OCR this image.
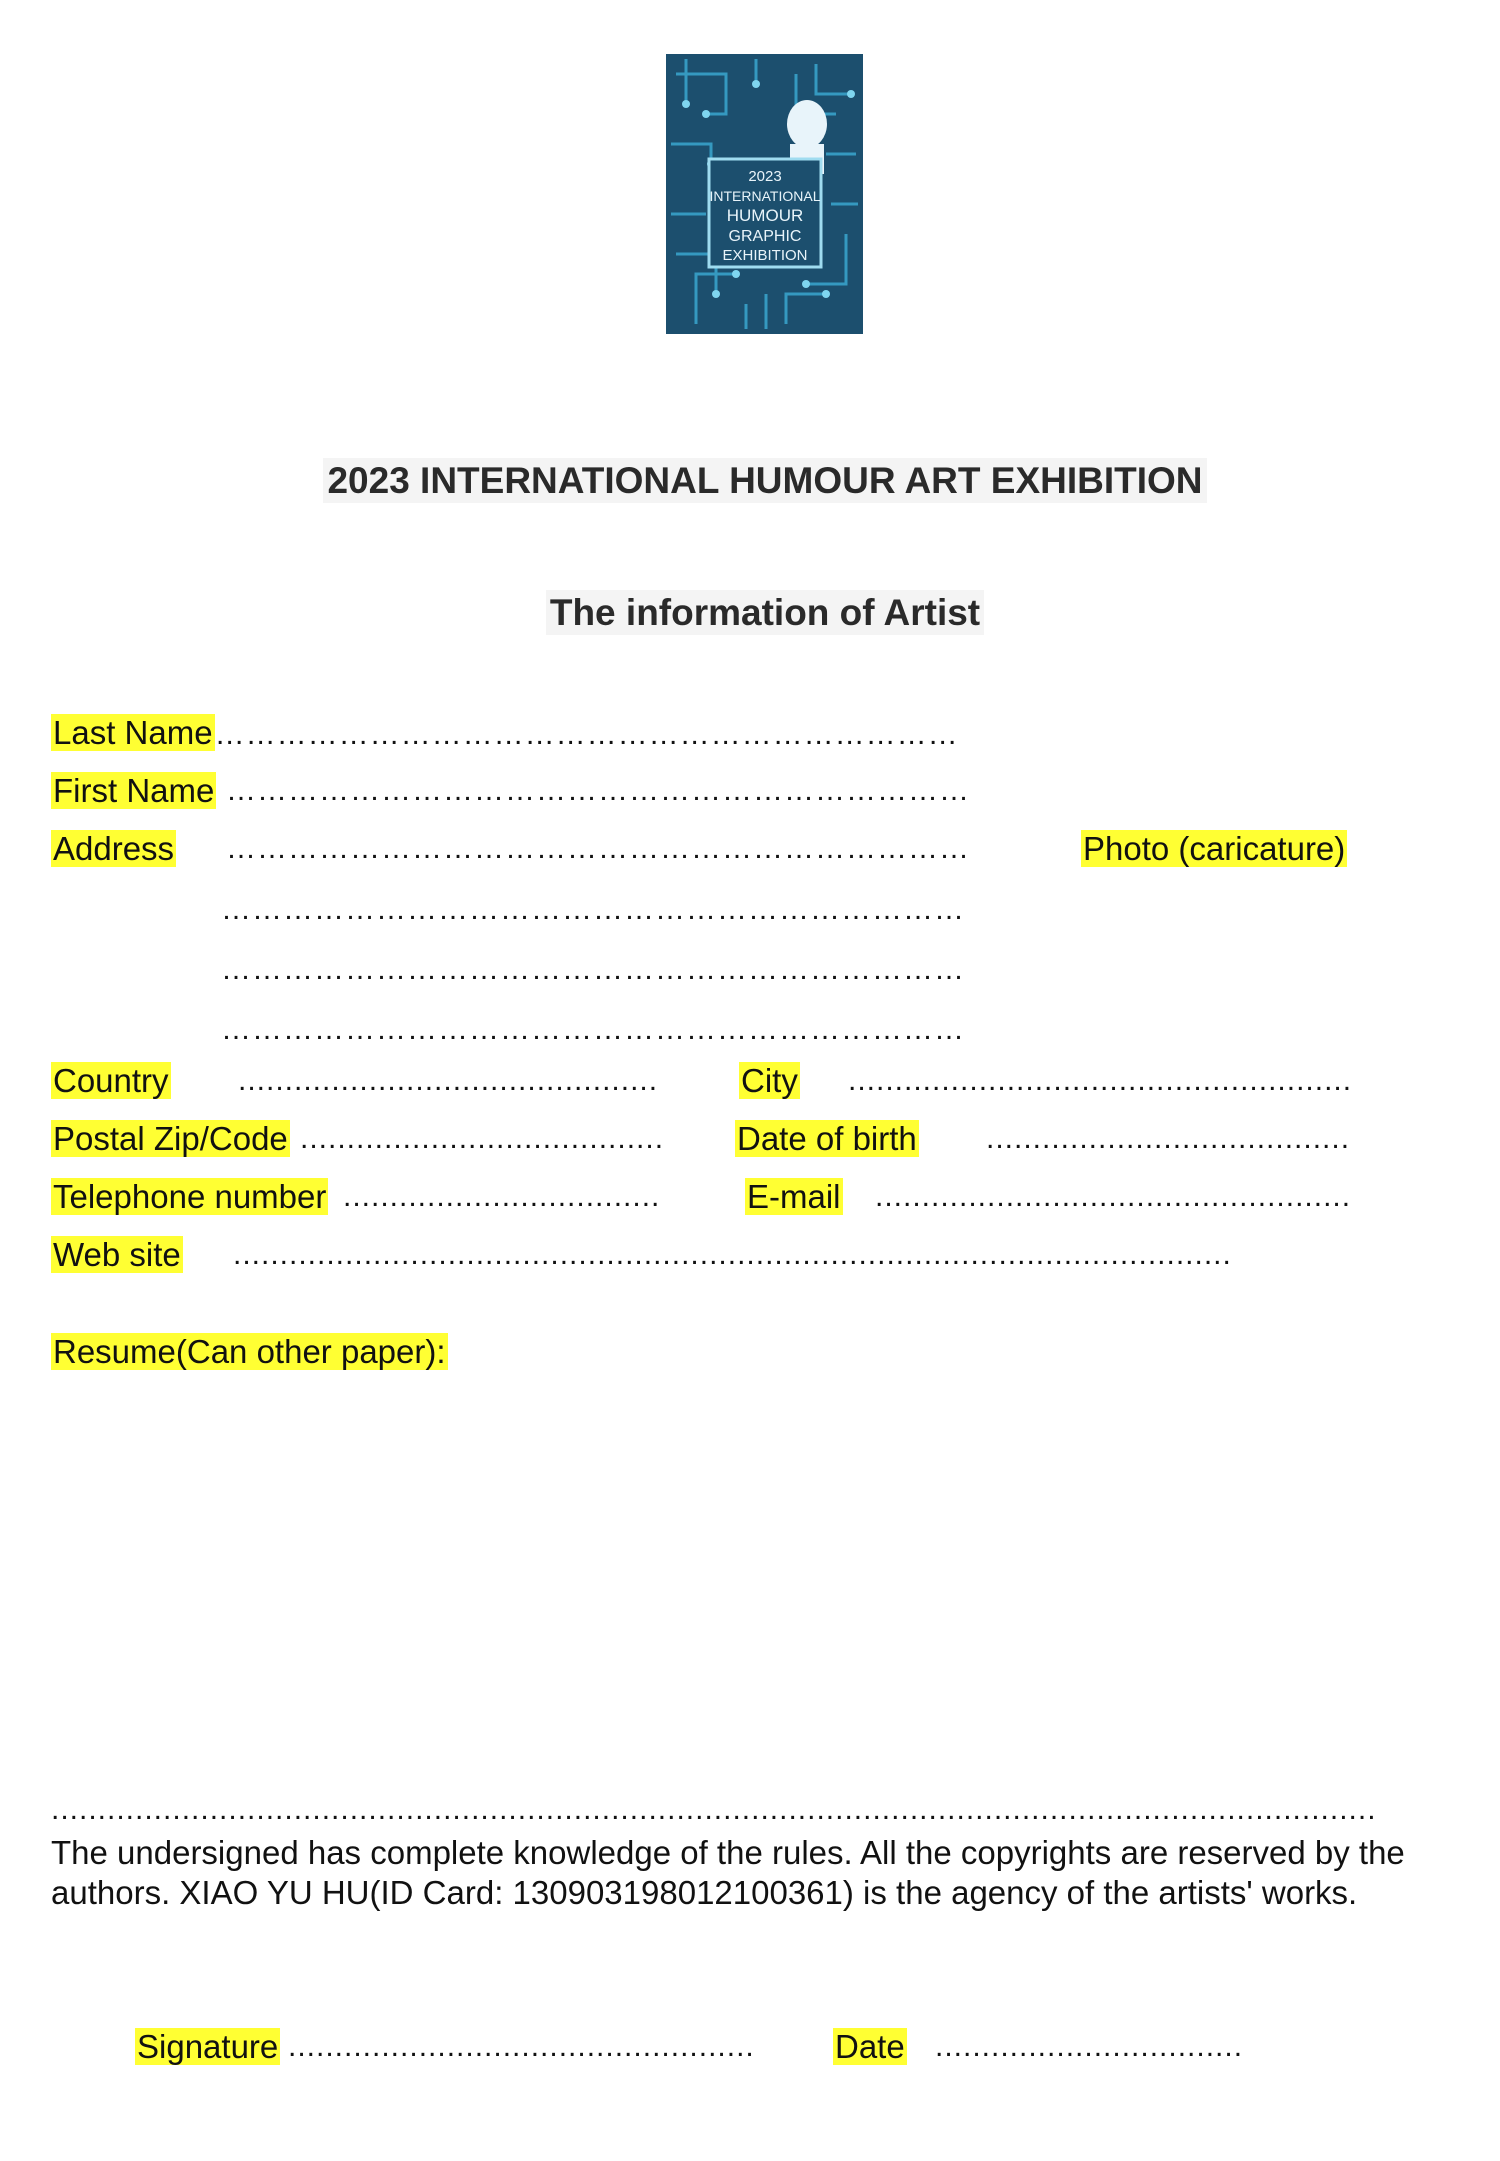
2023
INTERNATIONAL
HUMOUR
GRAPHIC
EXHIBITION
2023 INTERNATIONAL HUMOUR ART EXHIBITION
The information of Artist
Last Name………………………………………………………………
First Name ………………………………………………………………
Address ………………………………………………………………
………………………………………………………………
………………………………………………………………
………………………………………………………………
Photo (caricature)
Country .............................................	City ......................................................
Postal Zip/Code ....................................... Date of birth .......................................
Telephone number ..................................	E-mail ...................................................
Web site ...........................................................................................................
Resume(Can other paper):
..............................................................................................................................................
The undersigned has complete knowledge of the rules. All the copyrights are reserved by the authors. XIAO YU HU(ID Card: 130903198012100361) is the agency of the artists' works.
Signature .................................................. Date .................................
